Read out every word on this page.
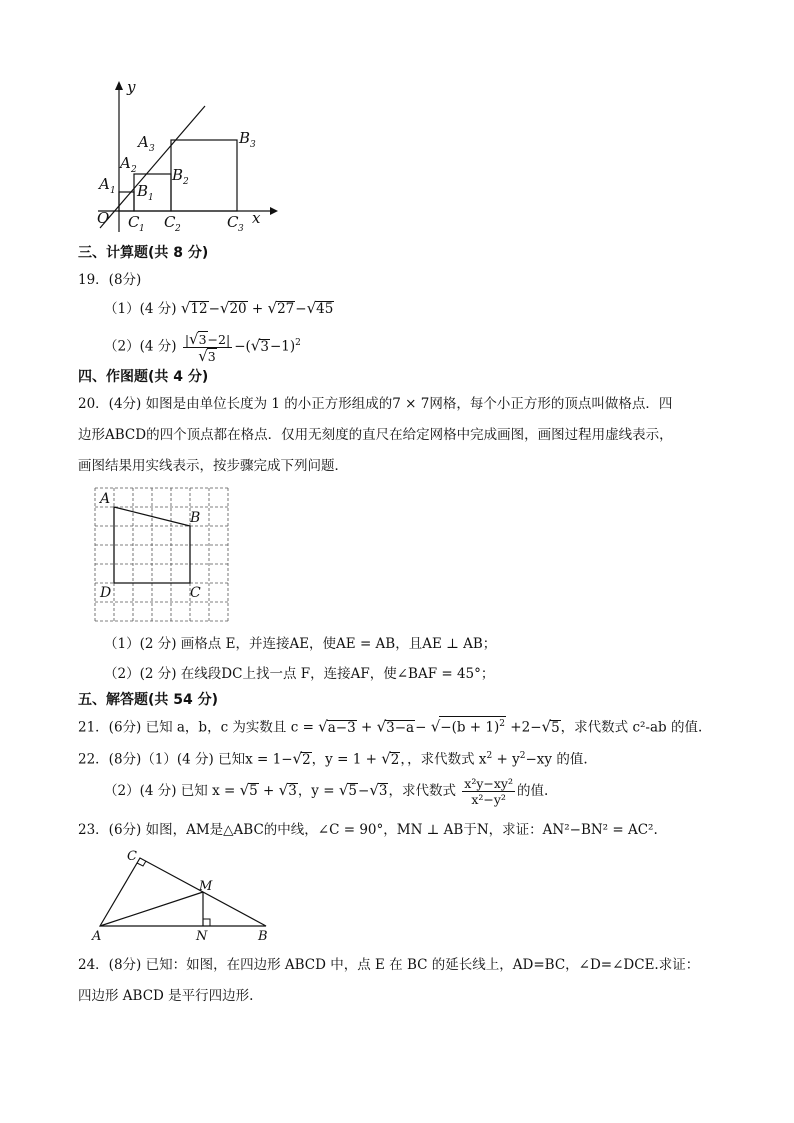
y
x
O
A 1
A 2
A 3
B 1
B 2
B 3
C 1 C 2	C 3
三、计算题(共 8 分)
19．(8分)
（1）(4 分) √12−√20 + √27−√45
（2）(4 分) $\frac{|√3-2|}{√3} -(√3-1)^2$
四、作图题(共 4 分)
20．(4分) 如图是由单位长度为 1 的小正方形组成的7 × 7网格，每个小正方形的顶点叫做格点．四
边形ABCD的四个顶点都在格点．仅用无刻度的直尺在给定网格中完成画图，画图过程用虚线表示，
画图结果用实线表示，按步骤完成下列问题．
A
B
C
D
（1）(2 分) 画格点 E，并连接AE，使AE = AB，且AE ⊥ AB；
（2）(2 分) 在线段DC上找一点 F，连接AF，使∠BAF = 45°；
五、解答题(共 54 分)
21．(6分) 已知 a，b，c 为实数且 $c = √a-3 + √3-a- √-(b + 1)^2 +2-√5$，求代数式 c²-ab 的值.
22．(8分)（1）(4 分) 已知x = 1−√2，y = 1 + √2，，求代数式 $x^2 + y^2-xy$ 的值.
（2）(4 分) 已知 x = √5 + √3，y = √5−√3，求代数式 $\frac{\text{x²y−xy²}}{\text{x²−y²}}$ 的值.
23．(6分) 如图，AM是△ABC的中线，∠C = 90°，MN ⊥ AB于N，求证：AN²−BN² = AC².
C
M
A	N	B
24．(8分) 已知：如图，在四边形 ABCD 中，点 E 在 BC 的延长线上，AD=BC，∠D=∠DCE.求证：
四边形 ABCD 是平行四边形.
